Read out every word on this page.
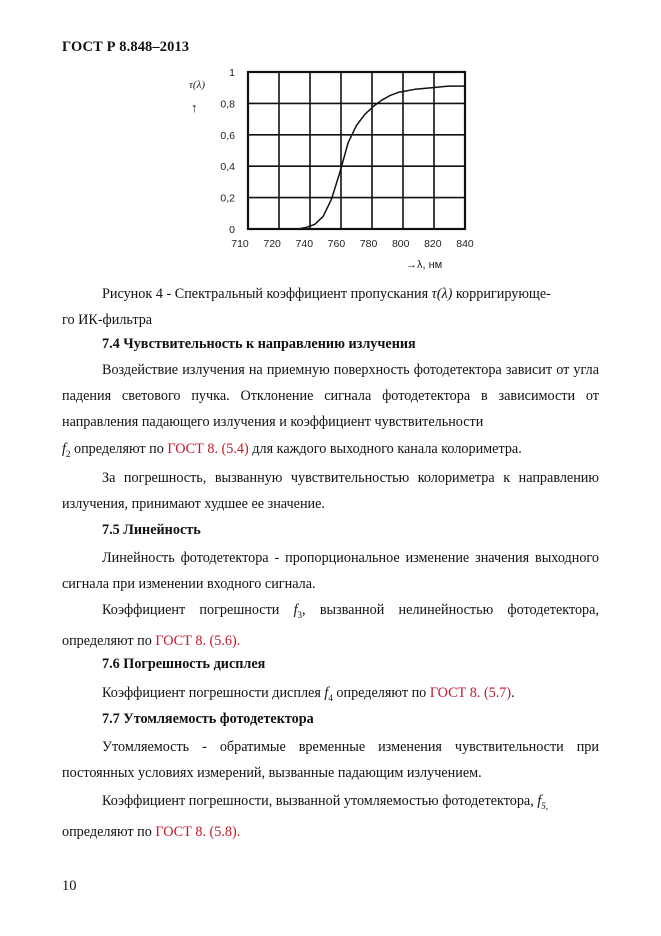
ГОСТ Р 8.848–2013
0
0,2
0,4
0,6
0,8
1
710 720 740 760 780 800 820 840
τ(λ)
↑
→λ, нм
Рисунок 4 - Спектральный коэффициент пропускания τ(λ) корригирующе-
го ИК-фильтра
7.4 Чувствительность к направлению излучения
Воздействие излучения на приемную поверхность фотодетектора зависит от угла падения светового пучка. Отклонение сигнала фотодетектора в зависимости от направления падающего излучения и коэффициент чувствительности
$f_2$ определяют по ГОСТ 8. (5.4) для каждого выходного канала колориметра.
За погрешность, вызванную чувствительностью колориметра к направлению излучения, принимают худшее ее значение.
7.5 Линейность
Линейность фотодетектора - пропорциональное изменение значения выходного сигнала при изменении входного сигнала.
Коэффициент погрешности $f_3$, вызванной нелинейностью фотодетектора, определяют по ГОСТ 8. (5.6).
7.6 Погрешность дисплея
Коэффициент погрешности дисплея $f_4$ определяют по ГОСТ 8. (5.7).
7.7 Утомляемость фотодетектора
Утомляемость - обратимые временные изменения чувствительности при постоянных условиях измерений, вызванные падающим излучением.
Коэффициент погрешности, вызванной утомляемостью фотодетектора, $f_{5,}$
определяют по ГОСТ 8. (5.8).
10
